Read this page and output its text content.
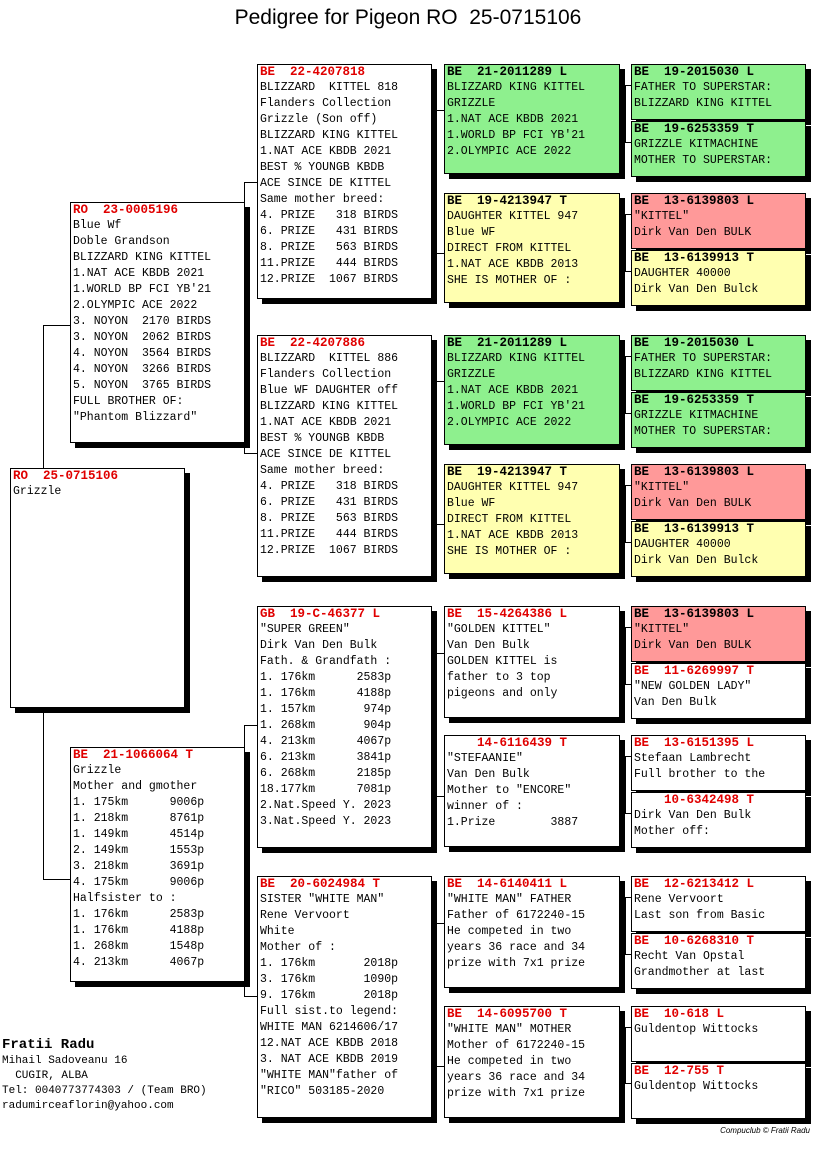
Pedigree for Pigeon RO  25-0715106
RO  25-0715106
Grizzle
RO  23-0005196
Blue Wf
Doble Grandson
BLIZZARD KING KITTEL
1.NAT ACE KBDB 2021
1.WORLD BP FCI YB'21
2.OLYMPIC ACE 2022
3. NOYON  2170 BIRDS
3. NOYON  2062 BIRDS
4. NOYON  3564 BIRDS
4. NOYON  3266 BIRDS
5. NOYON  3765 BIRDS
FULL BROTHER OF:
"Phantom Blizzard"
BE  21-1066064 T
Grizzle
Mother and gmother
1. 175km      9006p
1. 218km      8761p
1. 149km      4514p
2. 149km      1553p
3. 218km      3691p
4. 175km      9006p
Halfsister to :
1. 176km      2583p
1. 176km      4188p
1. 268km      1548p
4. 213km      4067p
BE  22-4207818
BLIZZARD  KITTEL 818
Flanders Collection
Grizzle (Son off)
BLIZZARD KING KITTEL
1.NAT ACE KBDB 2021
BEST % YOUNGB KBDB
ACE SINCE DE KITTEL
Same mother breed:
4. PRIZE   318 BIRDS
6. PRIZE   431 BIRDS
8. PRIZE   563 BIRDS
11.PRIZE   444 BIRDS
12.PRIZE  1067 BIRDS
BE  22-4207886
BLIZZARD  KITTEL 886
Flanders Collection
Blue WF DAUGHTER off
BLIZZARD KING KITTEL
1.NAT ACE KBDB 2021
BEST % YOUNGB KBDB
ACE SINCE DE KITTEL
Same mother breed:
4. PRIZE   318 BIRDS
6. PRIZE   431 BIRDS
8. PRIZE   563 BIRDS
11.PRIZE   444 BIRDS
12.PRIZE  1067 BIRDS
GB  19-C-46377 L
"SUPER GREEN"
Dirk Van Den Bulk
Fath. & Grandfath :
1. 176km      2583p
1. 176km      4188p
1. 157km       974p
1. 268km       904p
4. 213km      4067p
6. 213km      3841p
6. 268km      2185p
18.177km      7081p
2.Nat.Speed Y. 2023
3.Nat.Speed Y. 2023
BE  20-6024984 T
SISTER "WHITE MAN"
Rene Vervoort
White
Mother of :
1. 176km       2018p
3. 176km       1090p
9. 176km       2018p
Full sist.to legend:
WHITE MAN 6214606/17
12.NAT ACE KBDB 2018
3. NAT ACE KBDB 2019
"WHITE MAN"father of
"RICO" 503185-2020
BE  21-2011289 L
BLIZZARD KING KITTEL
GRIZZLE
1.NAT ACE KBDB 2021
1.WORLD BP FCI YB'21
2.OLYMPIC ACE 2022
BE  19-4213947 T
DAUGHTER KITTEL 947
Blue WF
DIRECT FROM KITTEL
1.NAT ACE KBDB 2013
SHE IS MOTHER OF :
BE  21-2011289 L
BLIZZARD KING KITTEL
GRIZZLE
1.NAT ACE KBDB 2021
1.WORLD BP FCI YB'21
2.OLYMPIC ACE 2022
BE  19-4213947 T
DAUGHTER KITTEL 947
Blue WF
DIRECT FROM KITTEL
1.NAT ACE KBDB 2013
SHE IS MOTHER OF :
BE  15-4264386 L
"GOLDEN KITTEL"
Van Den Bulk
GOLDEN KITTEL is
father to 3 top
pigeons and only
14-6116439 T
"STEFAANIE"
Van Den Bulk
Mother to "ENCORE"
winner of :
1.Prize        3887
BE  14-6140411 L
"WHITE MAN" FATHER
Father of 6172240-15
He competed in two
years 36 race and 34
prize with 7x1 prize
BE  14-6095700 T
"WHITE MAN" MOTHER
Mother of 6172240-15
He competed in two
years 36 race and 34
prize with 7x1 prize
BE  19-2015030 L
FATHER TO SUPERSTAR:
BLIZZARD KING KITTEL
BE  19-6253359 T
GRIZZLE KITMACHINE
MOTHER TO SUPERSTAR:
BE  13-6139803 L
"KITTEL"
Dirk Van Den BULK
BE  13-6139913 T
DAUGHTER 40000
Dirk Van Den Bulck
BE  19-2015030 L
FATHER TO SUPERSTAR:
BLIZZARD KING KITTEL
BE  19-6253359 T
GRIZZLE KITMACHINE
MOTHER TO SUPERSTAR:
BE  13-6139803 L
"KITTEL"
Dirk Van Den BULK
BE  13-6139913 T
DAUGHTER 40000
Dirk Van Den Bulck
BE  13-6139803 L
"KITTEL"
Dirk Van Den BULK
BE  11-6269997 T
"NEW GOLDEN LADY"
Van Den Bulk
BE  13-6151395 L
Stefaan Lambrecht
Full brother to the
10-6342498 T
Dirk Van Den Bulk
Mother off:
BE  12-6213412 L
Rene Vervoort
Last son from Basic
BE  10-6268310 T
Recht Van Opstal
Grandmother at last
BE  10-618 L
Guldentop Wittocks
BE  12-755 T
Guldentop Wittocks
Fratii Radu
Mihail Sadoveanu 16
CUGIR, ALBA
Tel: 0040773774303 / (Team BRO)
radumirceaflorin@yahoo.com
Compuclub © Fratii Radu
